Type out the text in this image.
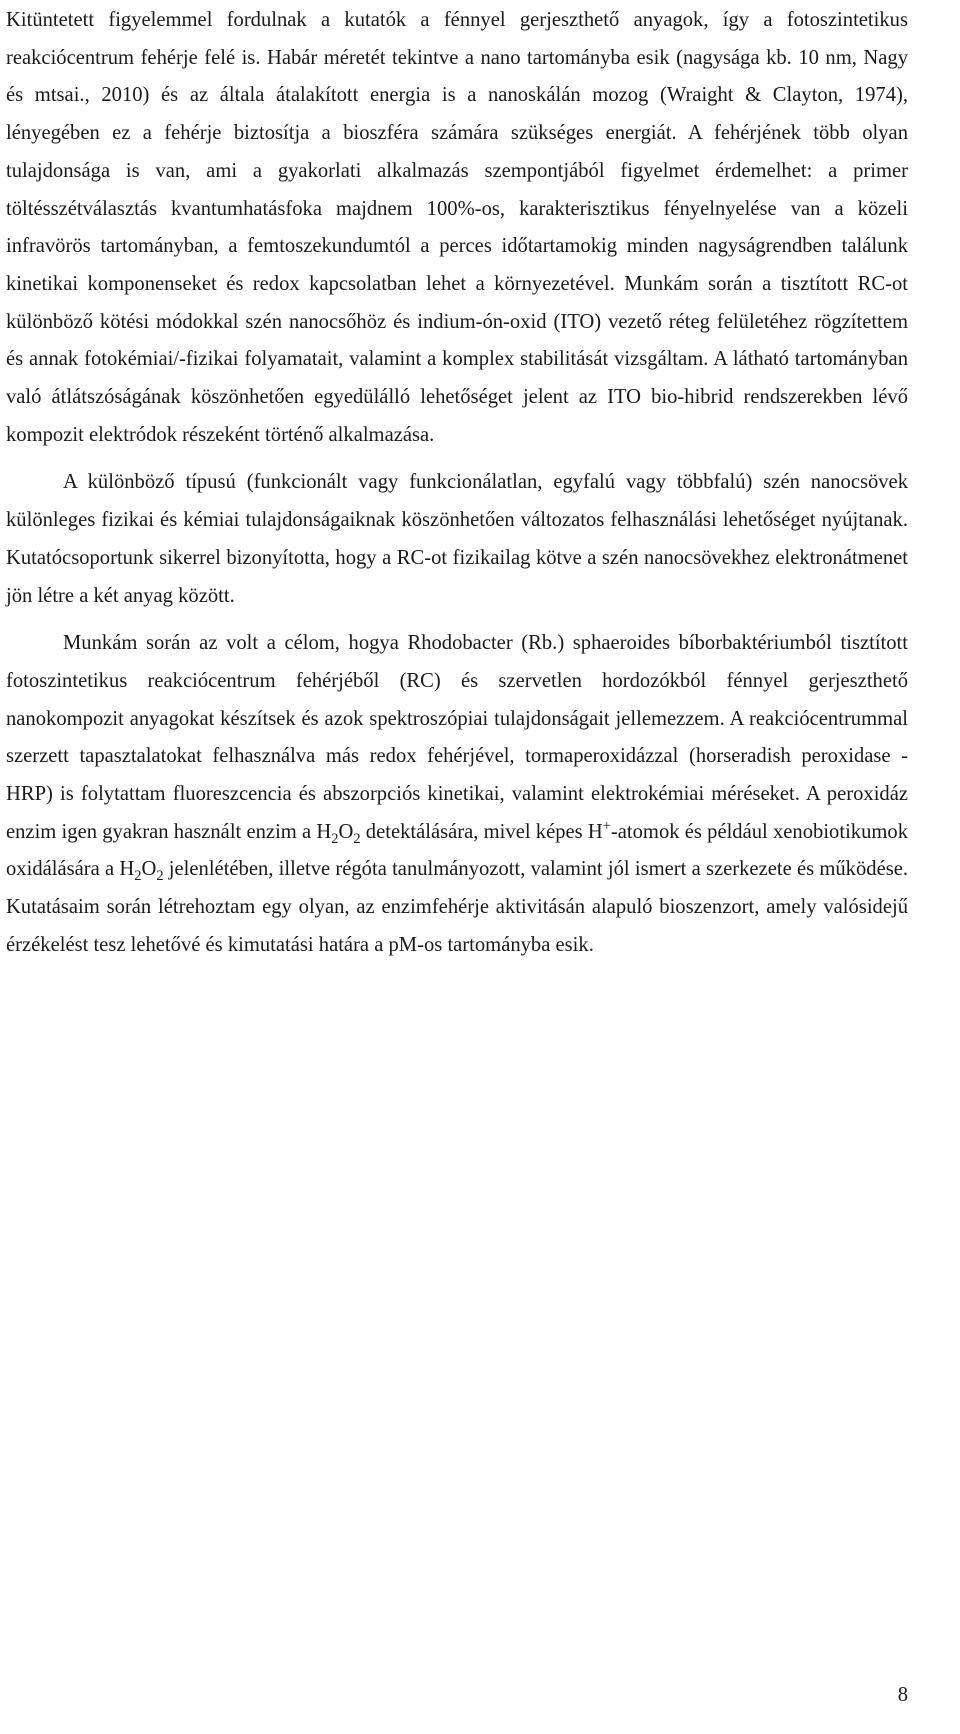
Kitüntetett figyelemmel fordulnak a kutatók a fénnyel gerjeszthető anyagok, így a fotoszintetikus reakciócentrum fehérje felé is. Habár méretét tekintve a nano tartományba esik (nagysága kb. 10 nm, Nagy és mtsai., 2010) és az általa átalakított energia is a nanoskálán mozog (Wraight & Clayton, 1974), lényegében ez a fehérje biztosítja a bioszféra számára szükséges energiát. A fehérjének több olyan tulajdonsága is van, ami a gyakorlati alkalmazás szempontjából figyelmet érdemelhet: a primer töltésszétválasztás kvantumhatásfoka majdnem 100%-os, karakterisztikus fényelnyelése van a közeli infravörös tartományban, a femtoszekundumtól a perces időtartamokig minden nagyságrendben találunk kinetikai komponenseket és redox kapcsolatban lehet a környezetével. Munkám során a tisztított RC-ot különböző kötési módokkal szén nanocsőhöz és indium-ón-oxid (ITO) vezető réteg felületéhez rögzítettem és annak fotokémiai/-fizikai folyamatait, valamint a komplex stabilitását vizsgáltam. A látható tartományban való átlátszóságának köszönhetően egyedülálló lehetőséget jelent az ITO bio-hibrid rendszerekben lévő kompozit elektródok részeként történő alkalmazása.

A különböző típusú (funkcionált vagy funkcionálatlan, egyfalú vagy többfalú) szén nanocsövek különleges fizikai és kémiai tulajdonságaiknak köszönhetően változatos felhasználási lehetőséget nyújtanak. Kutatócsoportunk sikerrel bizonyította, hogy a RC-ot fizikailag kötve a szén nanocsövekhez elektronátmenet jön létre a két anyag között.

Munkám során az volt a célom, hogya Rhodobacter (Rb.) sphaeroides bíborbaktériumból tisztított fotoszintetikus reakciócentrum fehérjéből (RC) és szervetlen hordozókból fénnyel gerjeszthető nanokompozit anyagokat készítsek és azok spektroszópiai tulajdonságait jellemezzem. A reakciócentrummal szerzett tapasztalatokat felhasználva más redox fehérjével, tormaperoxidázzal (horseradish peroxidase - HRP) is folytattam fluoreszcencia és abszorpciós kinetikai, valamint elektrokémiai méréseket. A peroxidáz enzim igen gyakran használt enzim a $H_2O_2$ detektálására, mivel képes H+-atomok és például xenobiotikumok oxidálására a $H_2O_2$ jelenlétében, illetve régóta tanulmányozott, valamint jól ismert a szerkezete és működése. Kutatásaim során létrehoztam egy olyan, az enzimfehérje aktivitásán alapuló bioszenzort, amely valósidejű érzékelést tesz lehetővé és kimutatási határa a pM-os tartományba esik.

8
